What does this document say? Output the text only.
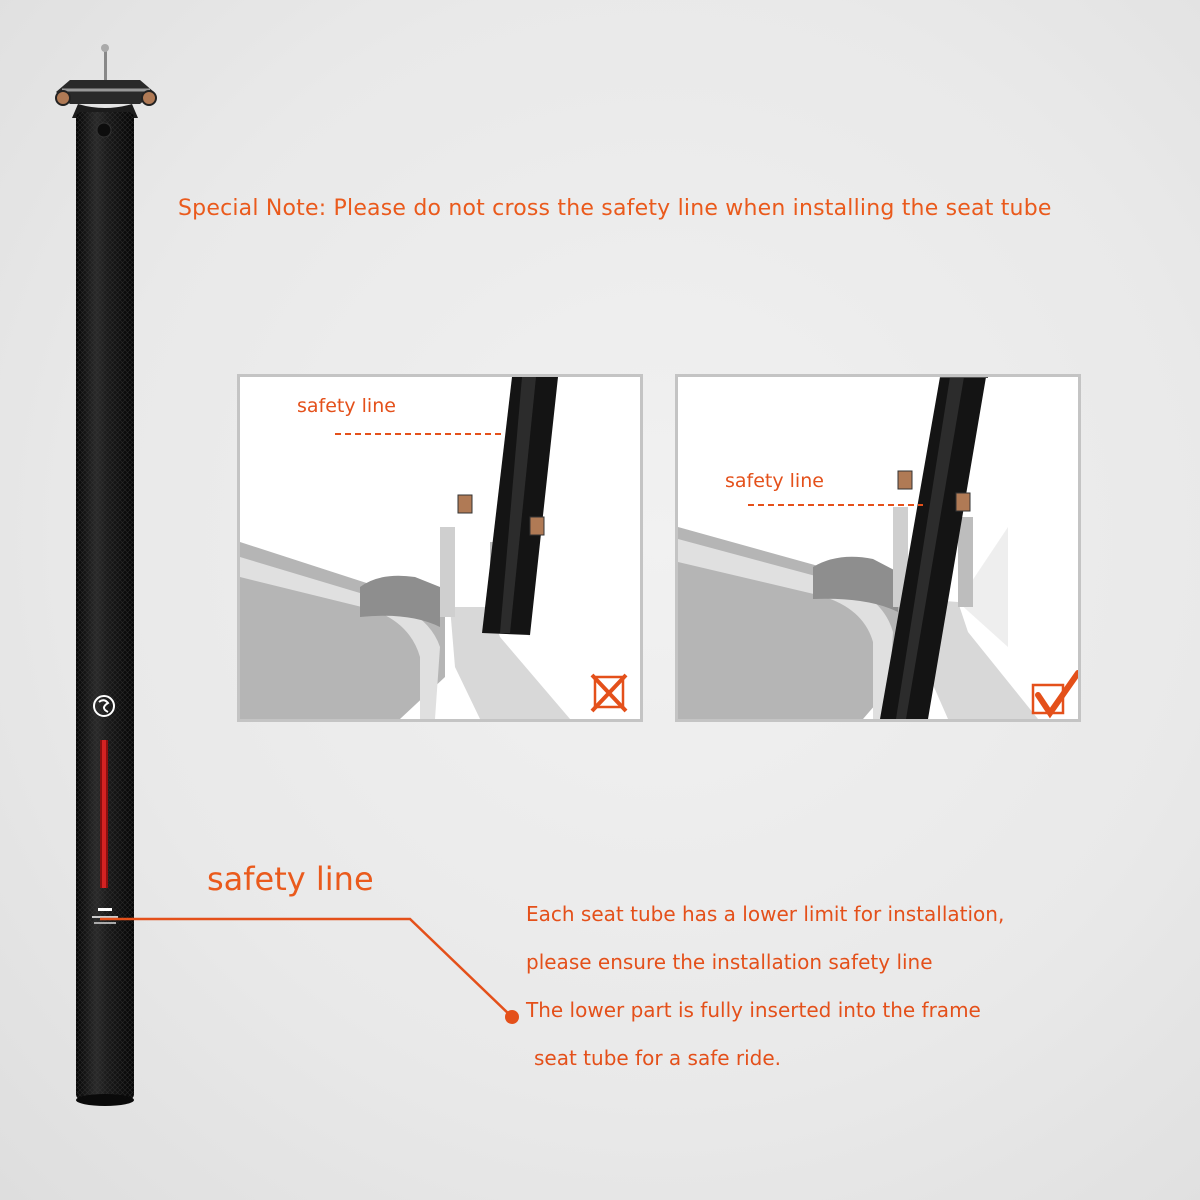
Special Note: Please do not cross the safety line when installing the seat tube
safety line
safety line
safety line

Each seat tube has a lower limit for installation,

please ensure the installation safety line

The lower part is fully inserted into the frame

seat tube for a safe ride.
